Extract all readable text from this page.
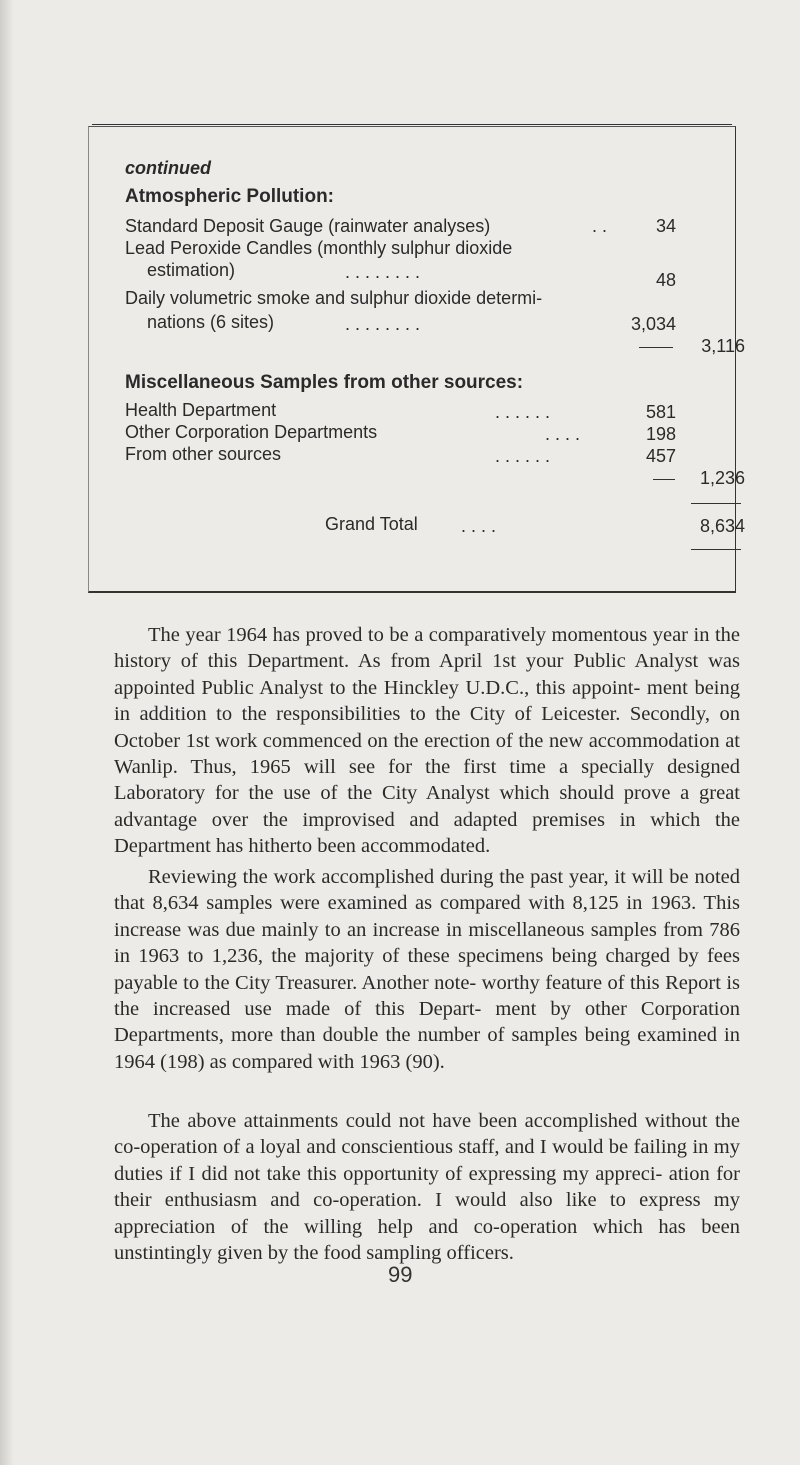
continued
Atmospheric Pollution:
Standard Deposit Gauge (rainwater analyses)	. .	34
Lead Peroxide Candles (monthly sulphur dioxide
estimation)	. . . . . . . .	48
Daily volumetric smoke and sulphur dioxide determi-
nations (6 sites)	. . . . . . . .	3,034
3,116
Miscellaneous Samples from other sources:
Health Department	. . . . . .	581
Other Corporation Departments	. . . .	198
From other sources	. . . . . .	457
1,236
Grand Total . . . .	8,634
The year 1964 has proved to be a comparatively momentous year in the history of this Department. As from April 1st your Public Analyst was appointed Public Analyst to the Hinckley U.D.C., this appoint- ment being in addition to the responsibilities to the City of Leicester. Secondly, on October 1st work commenced on the erection of the new accommodation at Wanlip. Thus, 1965 will see for the first time a specially designed Laboratory for the use of the City Analyst which should prove a great advantage over the improvised and adapted premises in which the Department has hitherto been accommodated.
Reviewing the work accomplished during the past year, it will be noted that 8,634 samples were examined as compared with 8,125 in 1963. This increase was due mainly to an increase in miscellaneous samples from 786 in 1963 to 1,236, the majority of these specimens being charged by fees payable to the City Treasurer. Another note- worthy feature of this Report is the increased use made of this Depart- ment by other Corporation Departments, more than double the number of samples being examined in 1964 (198) as compared with 1963 (90).
The above attainments could not have been accomplished without the co-operation of a loyal and conscientious staff, and I would be failing in my duties if I did not take this opportunity of expressing my appreci- ation for their enthusiasm and co-operation. I would also like to express my appreciation of the willing help and co-operation which has been unstintingly given by the food sampling officers.
99
